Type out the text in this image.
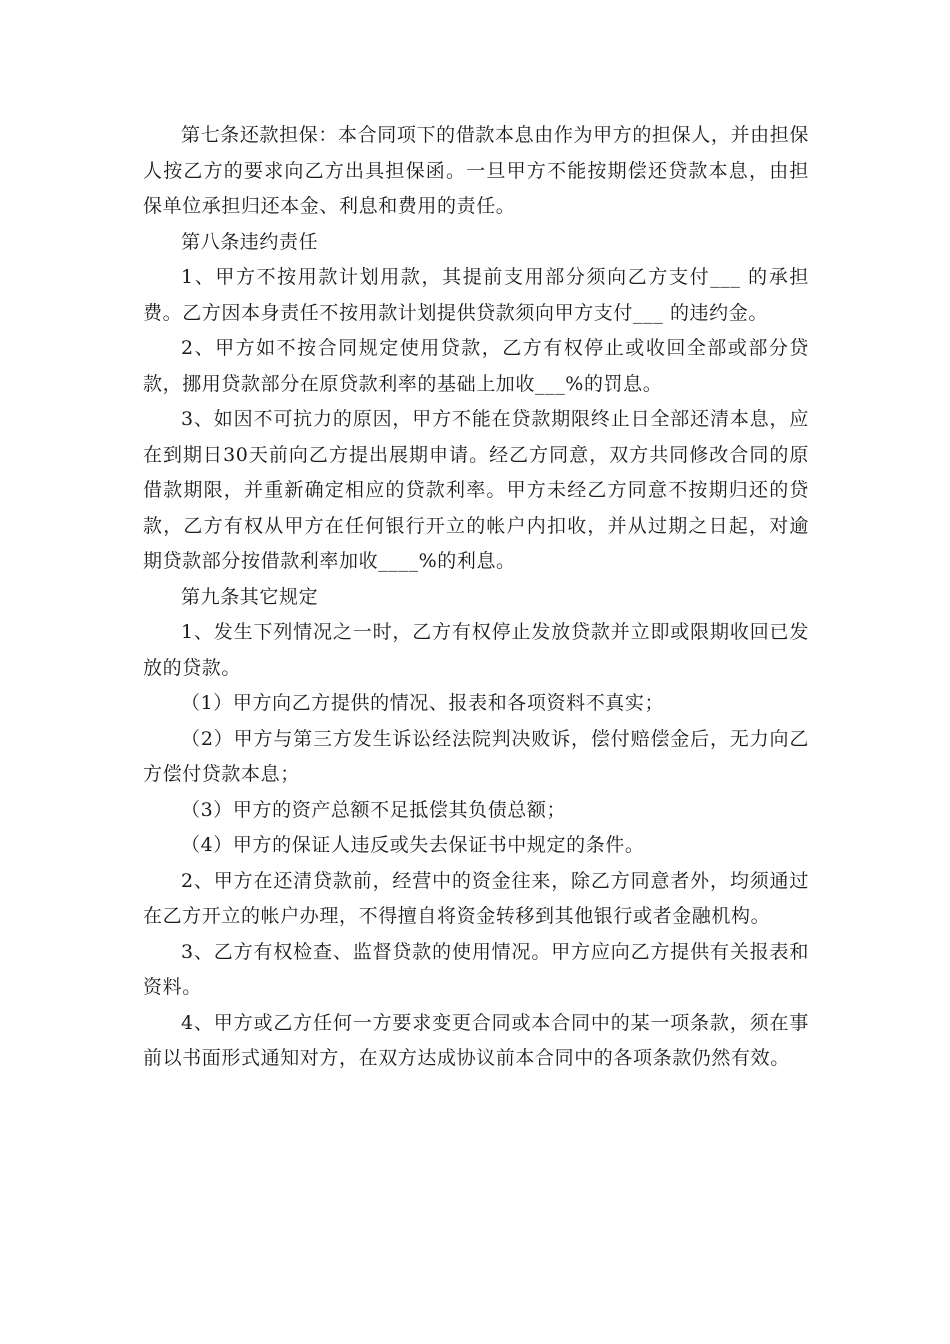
第七条还款担保：本合同项下的借款本息由作为甲方的担保人，并由担保人按乙方的要求向乙方出具担保函。一旦甲方不能按期偿还贷款本息，由担保单位承担归还本金、利息和费用的责任。

第八条违约责任

1、甲方不按用款计划用款，其提前支用部分须向乙方支付___ 的承担费。乙方因本身责任不按用款计划提供贷款须向甲方支付___ 的违约金。

2、甲方如不按合同规定使用贷款，乙方有权停止或收回全部或部分贷款，挪用贷款部分在原贷款利率的基础上加收___%的罚息。

3、如因不可抗力的原因，甲方不能在贷款期限终止日全部还清本息，应在到期日30天前向乙方提出展期申请。经乙方同意，双方共同修改合同的原借款期限，并重新确定相应的贷款利率。甲方未经乙方同意不按期归还的贷款，乙方有权从甲方在任何银行开立的帐户内扣收，并从过期之日起，对逾期贷款部分按借款利率加收____%的利息。

第九条其它规定

1、发生下列情况之一时，乙方有权停止发放贷款并立即或限期收回已发放的贷款。

（1）甲方向乙方提供的情况、报表和各项资料不真实；

（2）甲方与第三方发生诉讼经法院判决败诉，偿付赔偿金后，无力向乙方偿付贷款本息；

（3）甲方的资产总额不足抵偿其负债总额；

（4）甲方的保证人违反或失去保证书中规定的条件。

2、甲方在还清贷款前，经营中的资金往来，除乙方同意者外，均须通过在乙方开立的帐户办理，不得擅自将资金转移到其他银行或者金融机构。

3、乙方有权检查、监督贷款的使用情况。甲方应向乙方提供有关报表和资料。

4、甲方或乙方任何一方要求变更合同或本合同中的某一项条款，须在事前以书面形式通知对方，在双方达成协议前本合同中的各项条款仍然有效。
